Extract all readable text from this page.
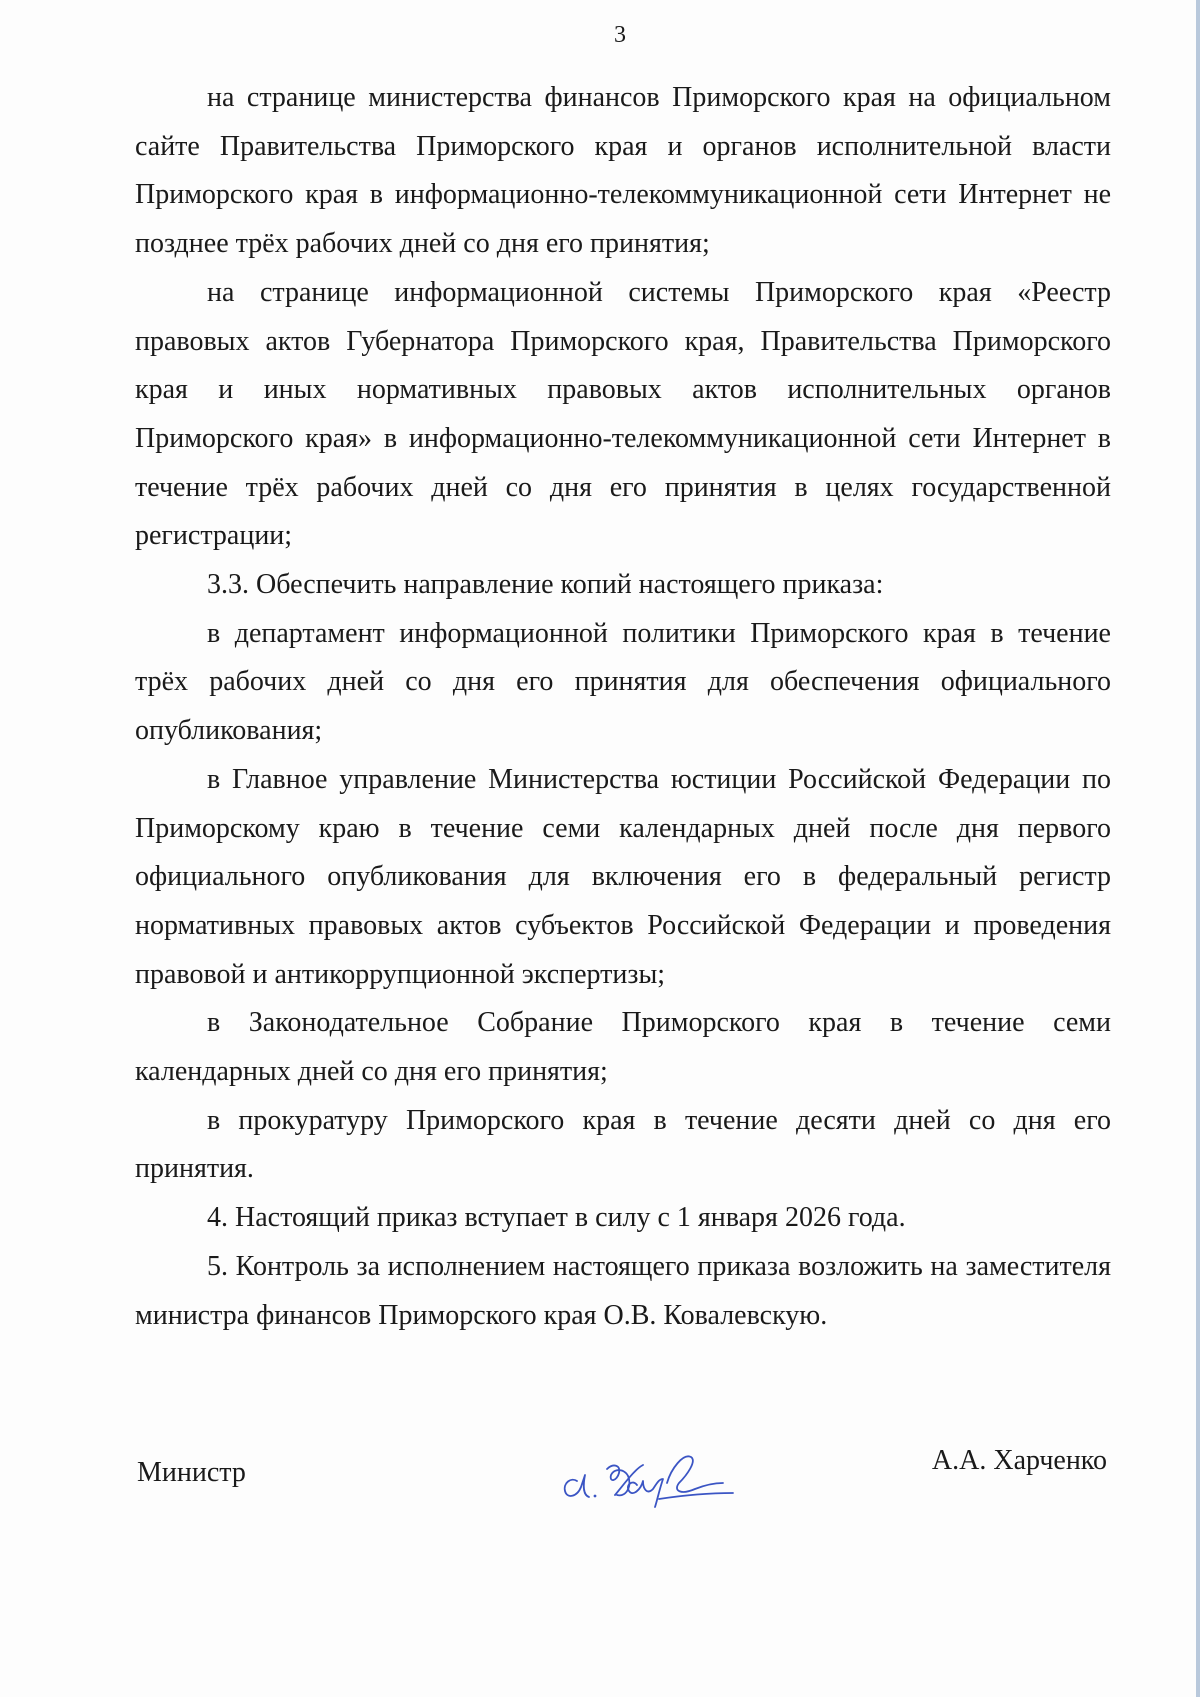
3

на странице министерства финансов Приморского края на официальном сайте Правительства Приморского края и органов исполнительной власти Приморского края в информационно-телекоммуникационной сети Интернет не позднее трёх рабочих дней со дня его принятия;

на странице информационной системы Приморского края «Реестр правовых актов Губернатора Приморского края, Правительства Приморского края и иных нормативных правовых актов исполнительных органов Приморского края» в информационно-телекоммуникационной сети Интернет в течение трёх рабочих дней со дня его принятия в целях государственной регистрации;

3.3. Обеспечить направление копий настоящего приказа:

в департамент информационной политики Приморского края в течение трёх рабочих дней со дня его принятия для обеспечения официального опубликования;

в Главное управление Министерства юстиции Российской Федерации по Приморскому краю в течение семи календарных дней после дня первого официального опубликования для включения его в федеральный регистр нормативных правовых актов субъектов Российской Федерации и проведения правовой и антикоррупционной экспертизы;

в Законодательное Собрание Приморского края в течение семи календарных дней со дня его принятия;

в прокуратуру Приморского края в течение десяти дней со дня его принятия.

4. Настоящий приказ вступает в силу с 1 января 2026 года.

5. Контроль за исполнением настоящего приказа возложить на заместителя министра финансов Приморского края О.В. Ковалевскую.

Министр	А.А. Харченко
